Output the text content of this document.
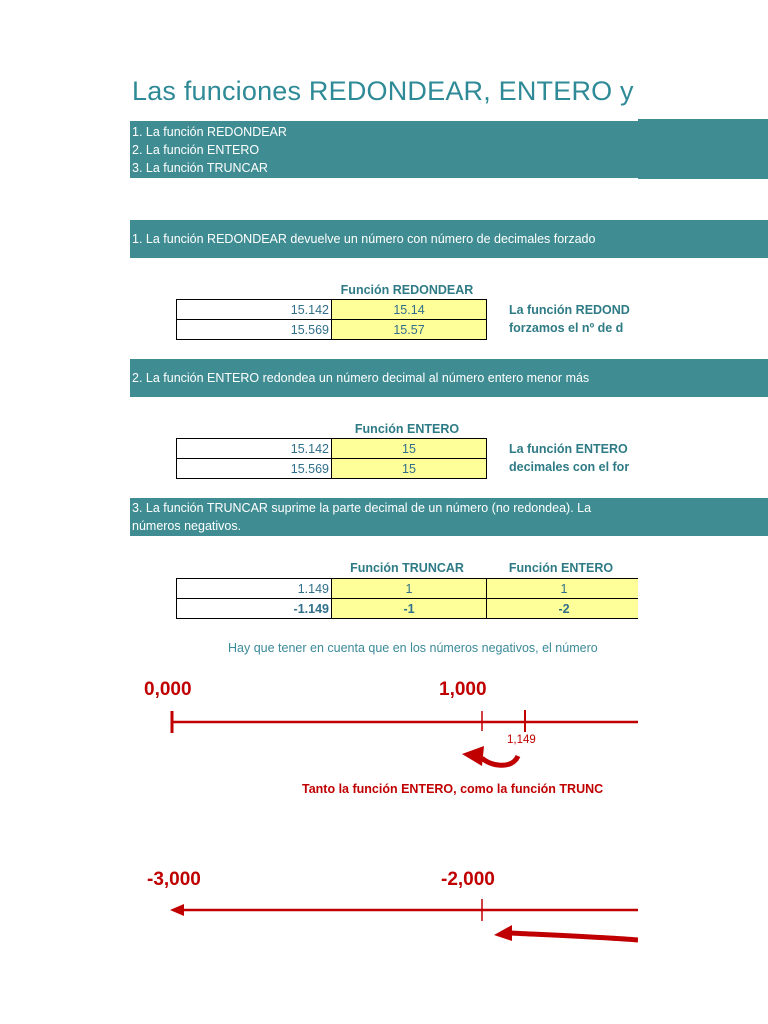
Las funciones REDONDEAR, ENTERO y
1. La función REDONDEAR
2. La función ENTERO
3. La función TRUNCAR
1. La función REDONDEAR devuelve un número con número de decimales forzado
Función REDONDEAR
15.142	15.14
15.569	15.57
La función REDOND
forzamos el nº de d
2. La función ENTERO redondea un número decimal al número entero menor más
Función ENTERO
15.142	15
15.569	15
La función ENTERO
decimales con el for
3. La función TRUNCAR suprime la parte decimal de un número (no redondea). La
números negativos.
Función TRUNCAR	Función ENTERO
1.149	1	1
-1.149	-1	-2
Hay que tener en cuenta que en los números negativos, el número
0,000	1,000
1,149
Tanto la función ENTERO, como la función TRUNC
-3,000	-2,000
